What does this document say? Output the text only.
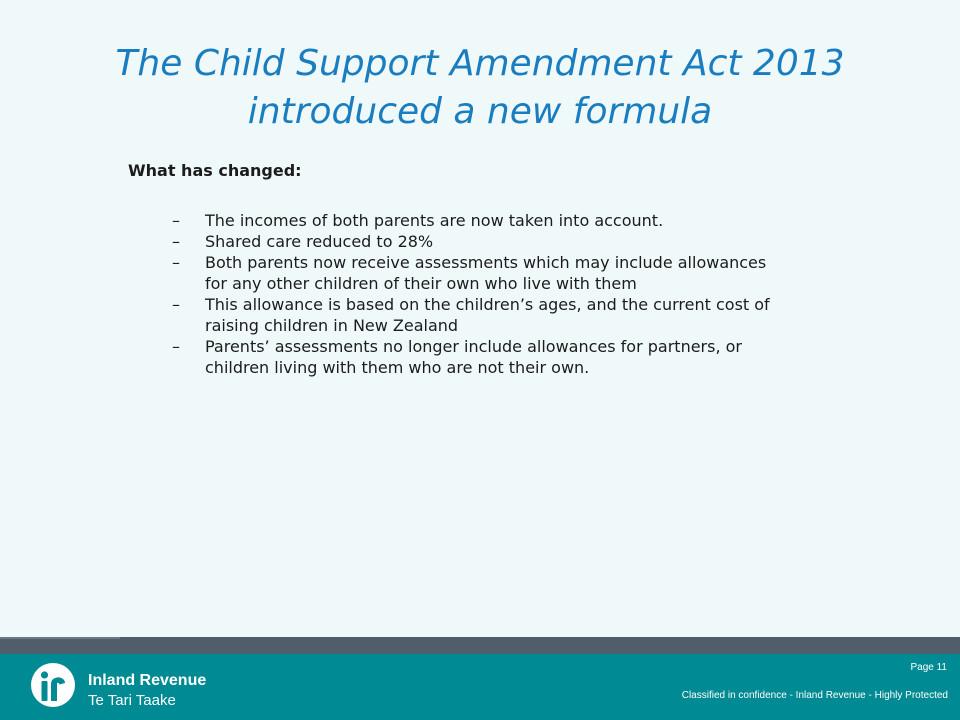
The Child Support Amendment Act 2013
introduced a new formula
What has changed:
– The incomes of both parents are now taken into account.
– Shared care reduced to 28%
– Both parents now receive assessments which may include allowances for any other children of their own who live with them
– This allowance is based on the children’s ages, and the current cost of raising children in New Zealand
– Parents’ assessments no longer include allowances for partners, or children living with them who are not their own.
Inland Revenue
Te Tari Taake
Page 11
Classified in confidence - Inland Revenue - Highly Protected
